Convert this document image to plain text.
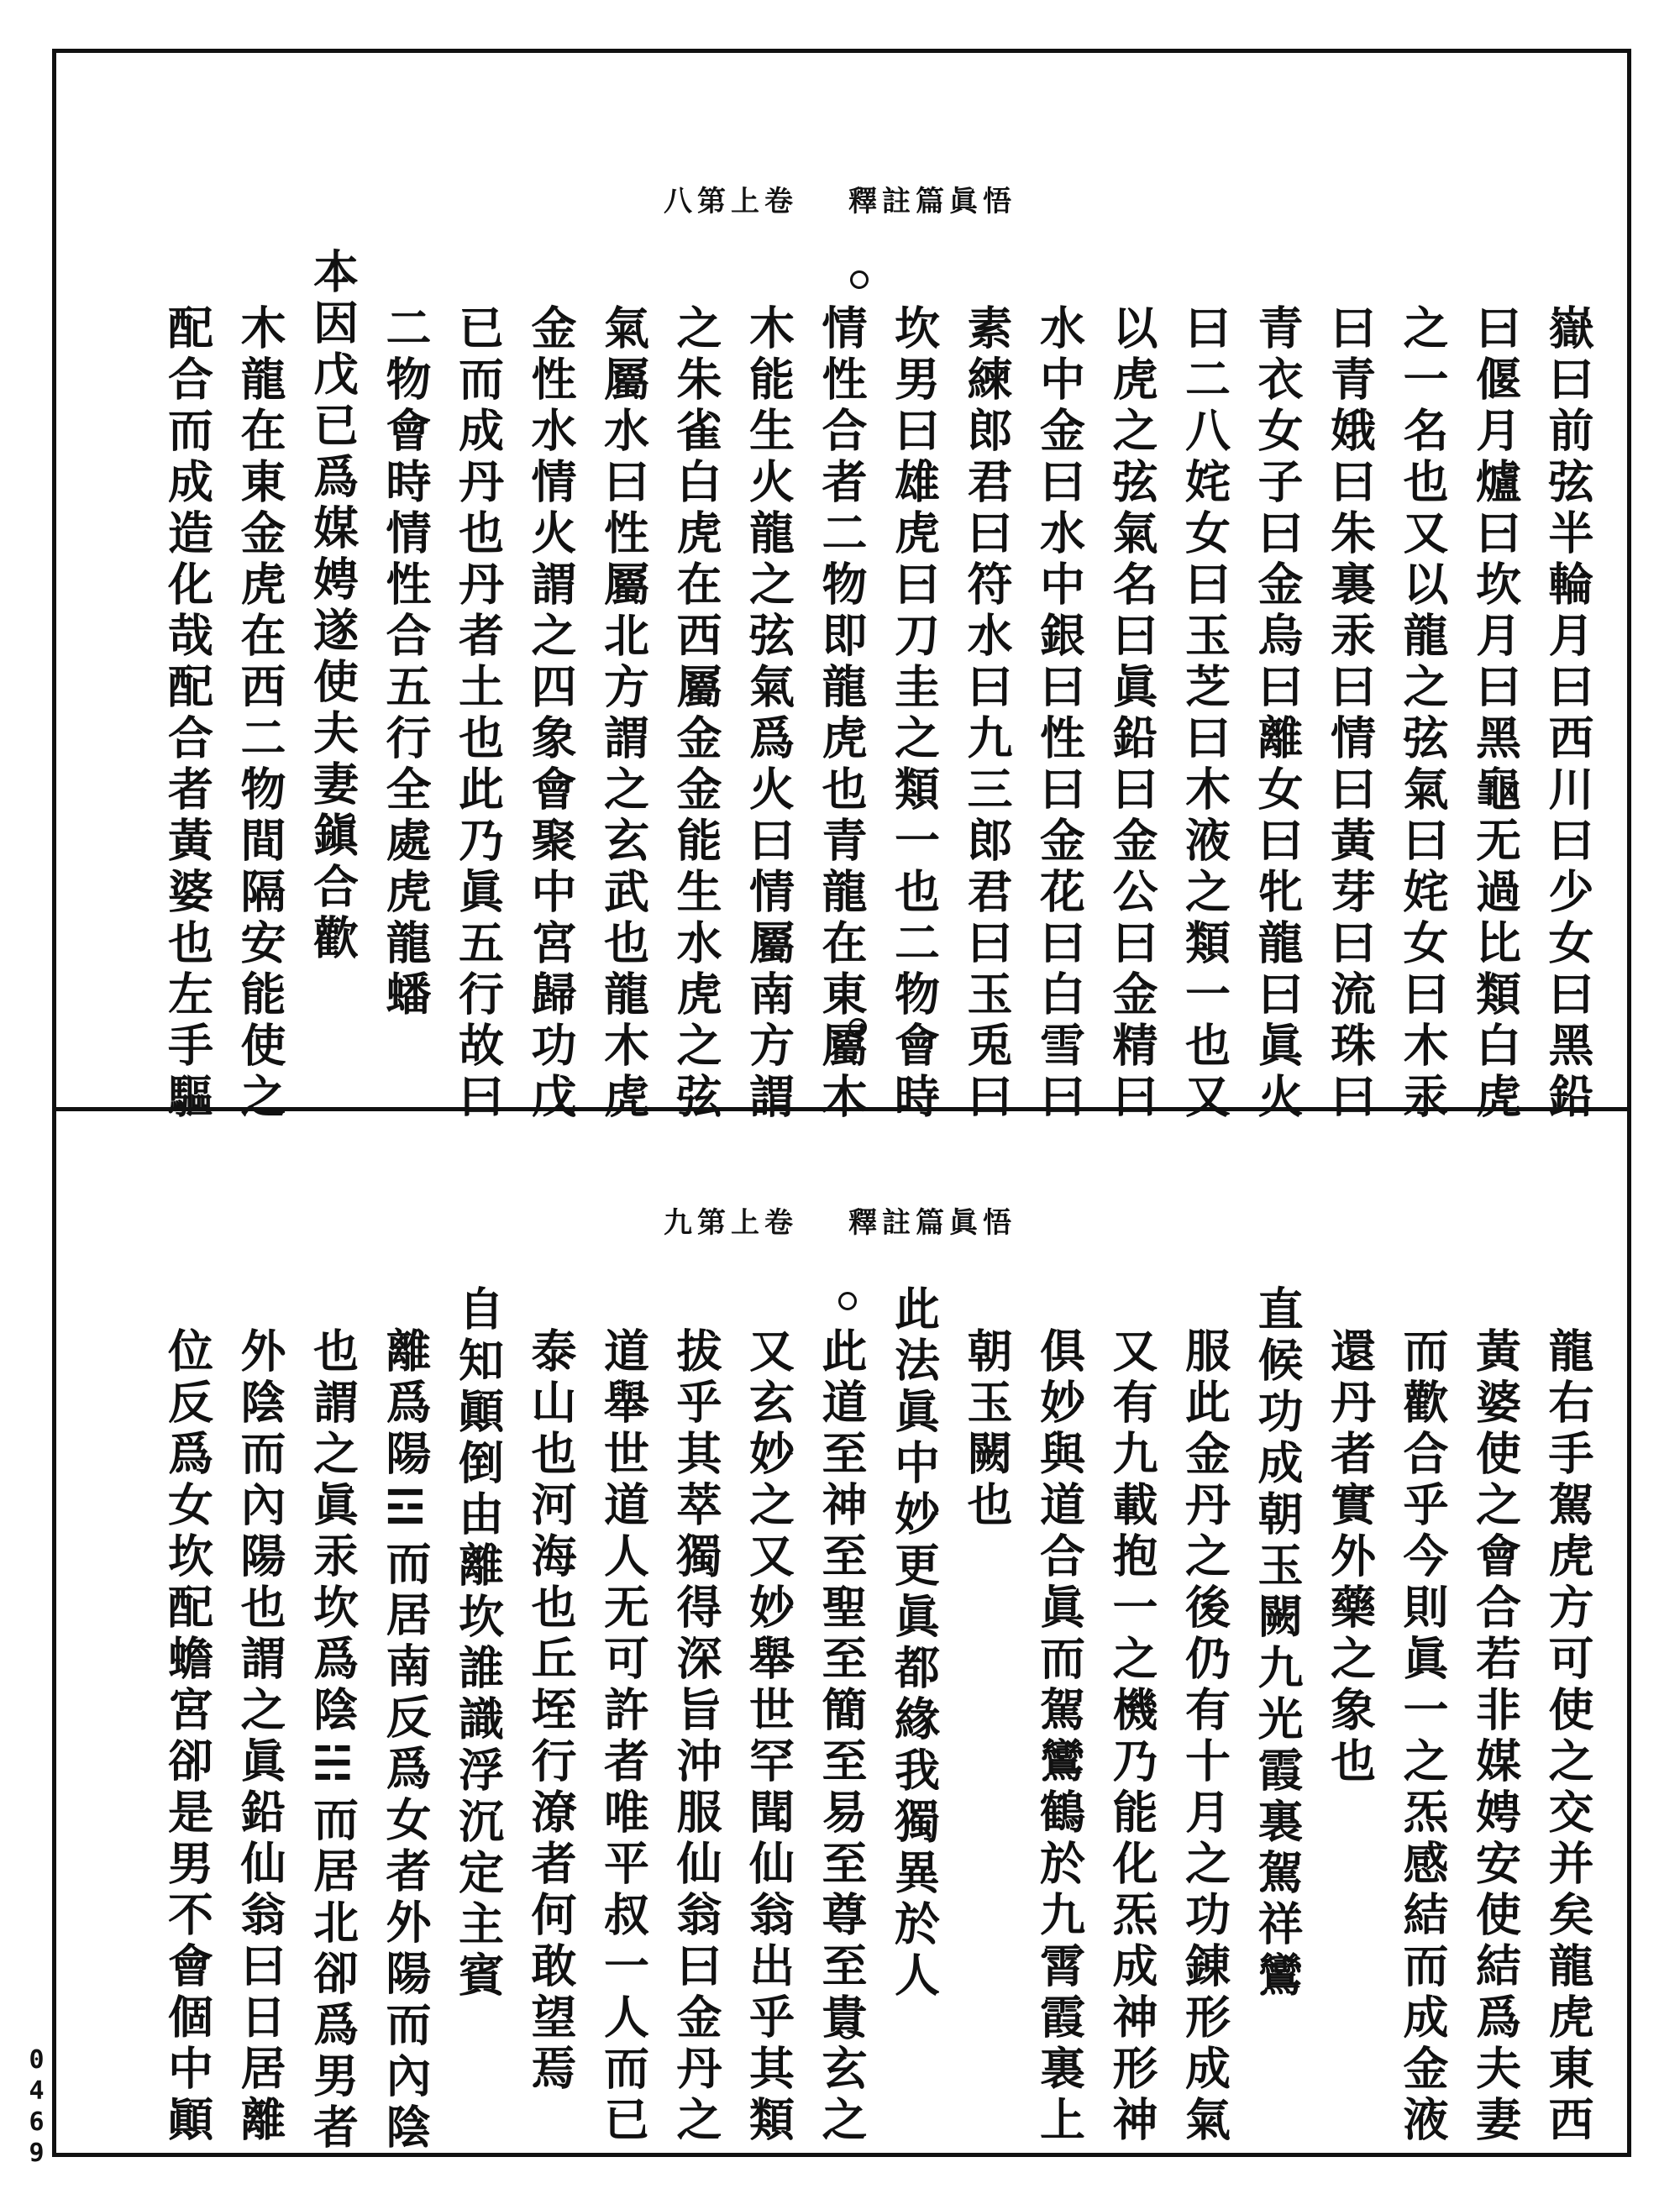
八第上卷 釋註篇眞悟
九第上卷 釋註篇眞悟
嶽曰前弦半輪月曰西川曰少女曰黑鉛
曰偃月爐曰坎月曰黑龜无過比類白虎
之一名也又以龍之弦氣曰姹女曰木汞
曰青娥曰朱裏汞曰情曰黃芽曰流珠曰
青衣女子曰金烏曰離女曰牝龍曰眞火
曰二八姹女曰玉芝曰木液之類一也又
以虎之弦氣名曰眞鉛曰金公曰金精曰
水中金曰水中銀曰性曰金花曰白雪曰
素練郎君曰符水曰九三郎君曰玉兎曰
坎男曰雄虎曰刀圭之類一也二物會時
情性合者二物即龍虎也青龍在東屬木
木能生火龍之弦氣爲火曰情屬南方謂
之朱雀白虎在西屬金金能生水虎之弦
氣屬水曰性屬北方謂之玄武也龍木虎
金性水情火謂之四象會聚中宮歸功戊
已而成丹也丹者土也此乃眞五行故曰
二物會時情性合五行全處虎龍蟠
本因戊已爲媒娉遂使夫妻鎭合歡
木龍在東金虎在西二物間隔安能使之
配合而成造化哉配合者黃婆也左手驅
龍右手駕虎方可使之交并矣龍虎東西
黃婆使之會合若非媒娉安使結爲夫妻
而歡合乎今則眞一之炁感結而成金液
還丹者實外藥之象也
直候功成朝玉闕九光霞裏駕祥鸞
服此金丹之後仍有十月之功錬形成氣
又有九載抱一之機乃能化炁成神形神
俱妙與道合眞而駕鸞鶴於九霄霞裏上
朝玉闕也
此法眞中妙更眞都緣我獨異於人
此道至神至聖至簡至易至尊至貴玄之
又玄妙之又妙舉世罕聞仙翁出乎其類
拔乎其萃獨得深旨沖服仙翁曰金丹之
道舉世道人无可許者唯平叔一人而已
泰山也河海也丘垤行潦者何敢望焉
自知顚倒由離坎誰識浮沉定主賓
離爲陽☲而居南反爲女者外陽而內陰
也謂之眞汞坎爲陰☵而居北卻爲男者
外陰而內陽也謂之眞鉛仙翁曰日居離
位反爲女坎配蟾宮卻是男不會個中顚
0469
